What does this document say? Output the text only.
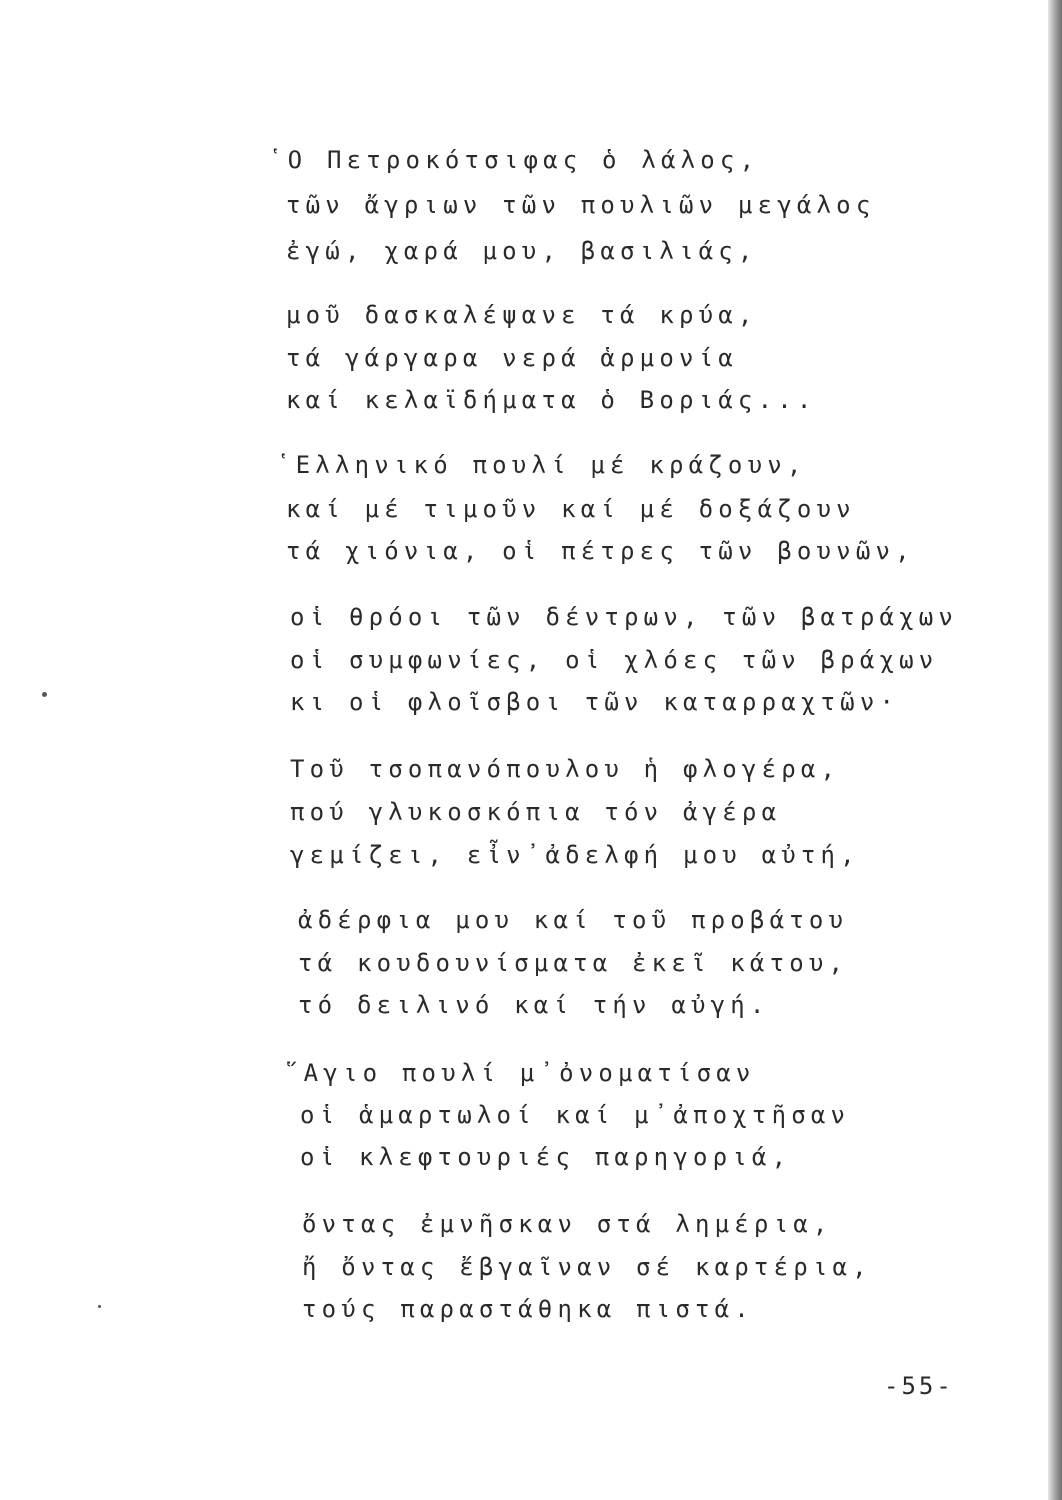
῾Ο Πετροκότσιφας ὁ λάλος,
τῶν ἄγριων τῶν πουλιῶν μεγάλος
ἐγώ, χαρά μου, βασιλιάς,
μοῦ δασκαλέψανε τά κρύα,
τά γάργαρα νερά ἁρμονία
καί κελαϊδήματα ὁ Βοριάς...
῾Ελληνικό πουλί μέ κράζουν,
καί μέ τιμοῦν καί μέ δοξάζουν
τά χιόνια, οἱ πέτρες τῶν βουνῶν,
οἱ θρόοι τῶν δέντρων, τῶν βατράχων
οἱ συμφωνίες, οἱ χλόες τῶν βράχων
κι οἱ φλοῖσβοι τῶν καταρραχτῶν·
Τοῦ τσοπανόπουλου ἡ φλογέρα,
πού γλυκοσκόπια τόν ἀγέρα
γεμίζει, εἶν᾿ἀδελφή μου αὐτή,
ἀδέρφια μου καί τοῦ προβάτου
τά κουδουνίσματα ἐκεῖ κάτου,
τό δειλινό καί τήν αὐγή.
῞Αγιο πουλί μ᾿ὀνοματίσαν
οἱ ἁμαρτωλοί καί μ᾿ἀποχτῆσαν
οἱ κλεφτουριές παρηγοριά,
ὄντας ἐμνῆσκαν στά λημέρια,
ἤ ὄντας ἔβγαῖναν σέ καρτέρια,
τούς παραστάθηκα πιστά.
-55-
